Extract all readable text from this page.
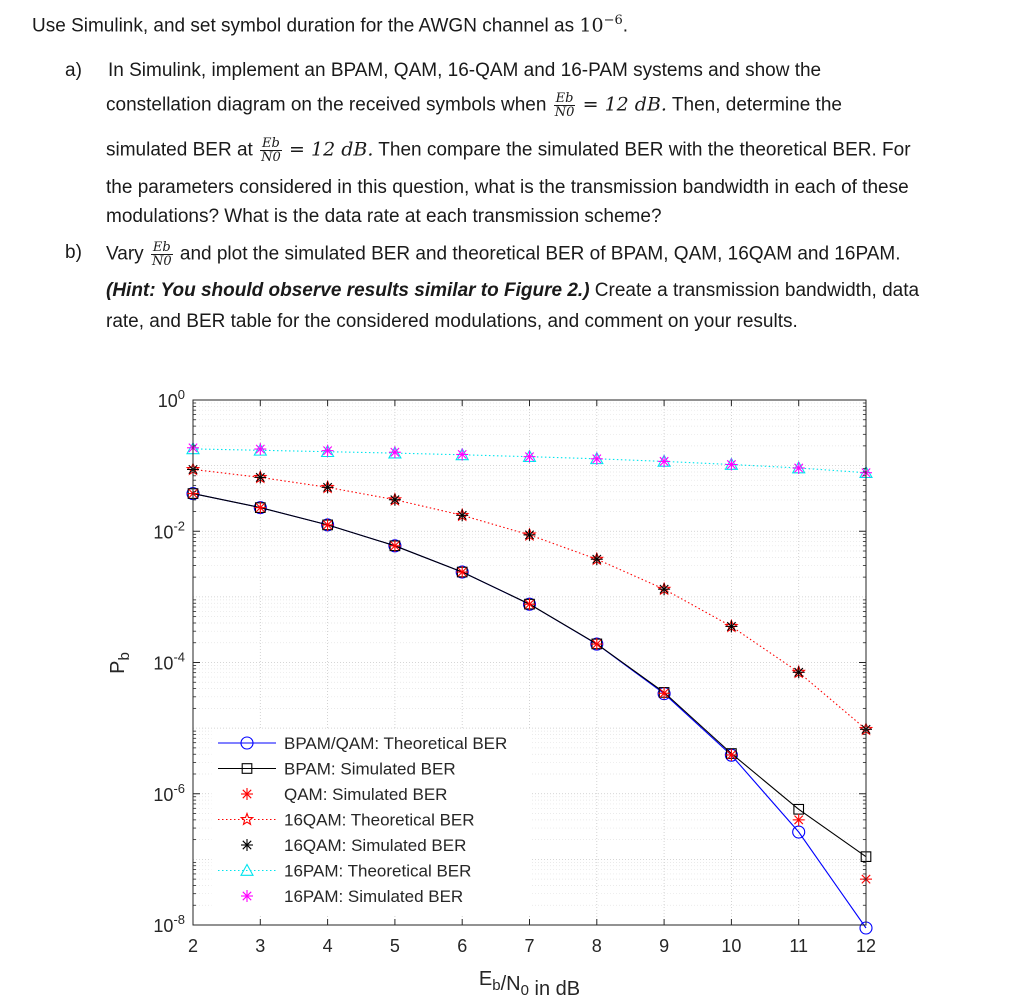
Use Simulink, and set symbol duration for the AWGN channel as $10^{-6}$.
a) In Simulink, implement an BPAM, QAM, 16-QAM and 16-PAM systems and show the
constellation diagram on the received symbols when $\frac{Eb}{N0} = 12$ dB. Then, determine the
simulated BER at $\frac{Eb}{N0} = 12$ dB. Then compare the simulated BER with the theoretical BER. For
the parameters considered in this question, what is the transmission bandwidth in each of these
modulations? What is the data rate at each transmission scheme?
b) Vary $\frac{Eb}{N0}$ and plot the simulated BER and theoretical BER of BPAM, QAM, 16QAM and 16PAM.
(Hint: You should observe results similar to Figure 2.) Create a transmission bandwidth, data
rate, and BER table for the considered modulations, and comment on your results.
2	3	4	5	6	7	8	9	10	11	12
$10^0$
$10^{-2}$
$10^{-4}$
$10^{-6}$
$10^{-8}$
$E_b/N_0$ in dB
$P_b$
BPAM/QAM: Theoretical BER
BPAM: Simulated BER
QAM: Simulated BER
16QAM: Theoretical BER
16QAM: Simulated BER
16PAM: Theoretical BER
16PAM: Simulated BER
